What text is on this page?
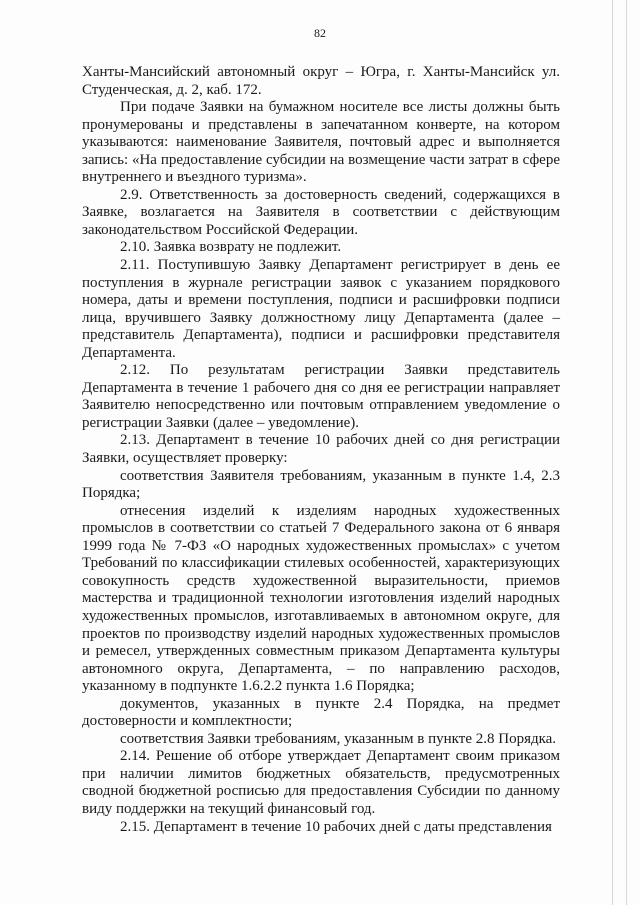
82

Ханты-Мансийский автономный округ – Югра, г. Ханты-Мансийск ул. Студенческая, д. 2, каб. 172.

При подаче Заявки на бумажном носителе все листы должны быть пронумерованы и представлены в запечатанном конверте, на котором указываются: наименование Заявителя, почтовый адрес и выполняется запись: «На предоставление субсидии на возмещение части затрат в сфере внутреннего и въездного туризма».

2.9. Ответственность за достоверность сведений, содержащихся в Заявке, возлагается на Заявителя в соответствии с действующим законодательством Российской Федерации.

2.10. Заявка возврату не подлежит.

2.11. Поступившую Заявку Департамент регистрирует в день ее поступления в журнале регистрации заявок с указанием порядкового номера, даты и времени поступления, подписи и расшифровки подписи лица, вручившего Заявку должностному лицу Департамента (далее – представитель Департамента), подписи и расшифровки представителя Департамента.

2.12. По результатам регистрации Заявки представитель Департамента в течение 1 рабочего дня со дня ее регистрации направляет Заявителю непосредственно или почтовым отправлением уведомление о регистрации Заявки (далее – уведомление).

2.13. Департамент в течение 10 рабочих дней со дня регистрации Заявки, осуществляет проверку:

соответствия Заявителя требованиям, указанным в пункте 1.4, 2.3 Порядка;

отнесения изделий к изделиям народных художественных промыслов в соответствии со статьей 7 Федерального закона от 6 января 1999 года № 7-ФЗ «О народных художественных промыслах» с учетом Требований по классификации стилевых особенностей, характеризующих совокупность средств художественной выразительности, приемов мастерства и традиционной технологии изготовления изделий народных художественных промыслов, изготавливаемых в автономном округе, для проектов по производству изделий народных художественных промыслов и ремесел, утвержденных совместным приказом Департамента культуры автономного округа, Департамента, – по направлению расходов, указанному в подпункте 1.6.2.2 пункта 1.6 Порядка;

документов, указанных в пункте 2.4 Порядка, на предмет достоверности и комплектности;

соответствия Заявки требованиям, указанным в пункте 2.8 Порядка.

2.14. Решение об отборе утверждает Департамент своим приказом при наличии лимитов бюджетных обязательств, предусмотренных сводной бюджетной росписью для предоставления Субсидии по данному виду поддержки на текущий финансовый год.

2.15. Департамент в течение 10 рабочих дней с даты представления
